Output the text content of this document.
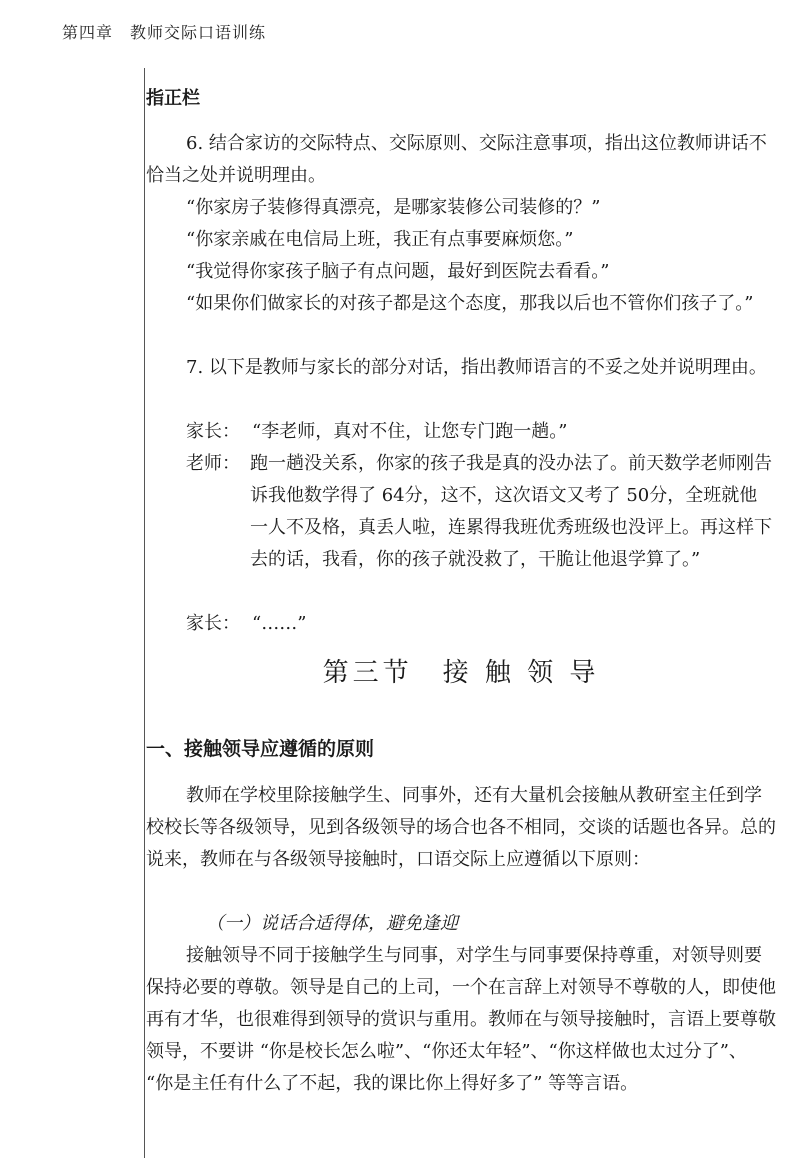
第四章　教师交际口语训练
指正栏

6. 结合家访的交际特点、交际原则、交际注意事项，指出这位教师讲话不恰当之处并说明理由。

“你家房子装修得真漂亮，是哪家装修公司装修的？”
“你家亲戚在电信局上班，我正有点事要麻烦您。”
“我觉得你家孩子脑子有点问题，最好到医院去看看。”

“如果你们做家长的对孩子都是这个态度，那我以后也不管你们孩子了。”

7. 以下是教师与家长的部分对话，指出教师语言的不妥之处并说明理由。

家长： “李老师，真对不住，让您专门跑一趟。”
老师： 跑一趟没关系，你家的孩子我是真的没办法了。前天数学老师刚告诉我他数学得了 64分，这不，这次语文又考了 50分，全班就他一人不及格，真丢人啦，连累得我班优秀班级也没评上。再这样下去的话，我看，你的孩子就没救了，干脆让他退学算了。”
家长： “……”
第三节　接 触 领 导
一、接触领导应遵循的原则

教师在学校里除接触学生、同事外，还有大量机会接触从教研室主任到学校校长等各级领导，见到各级领导的场合也各不相同，交谈的话题也各异。总的说来，教师在与各级领导接触时，口语交际上应遵循以下原则：

（一）说话合适得体，避免逢迎

接触领导不同于接触学生与同事，对学生与同事要保持尊重，对领导则要保持必要的尊敬。领导是自己的上司，一个在言辞上对领导不尊敬的人，即使他再有才华，也很难得到领导的赏识与重用。教师在与领导接触时，言语上要尊敬领导，不要讲 “你是校长怎么啦”、“你还太年轻”、“你这样做也太过分了”、 “你是主任有什么了不起，我的课比你上得好多了” 等等言语。
